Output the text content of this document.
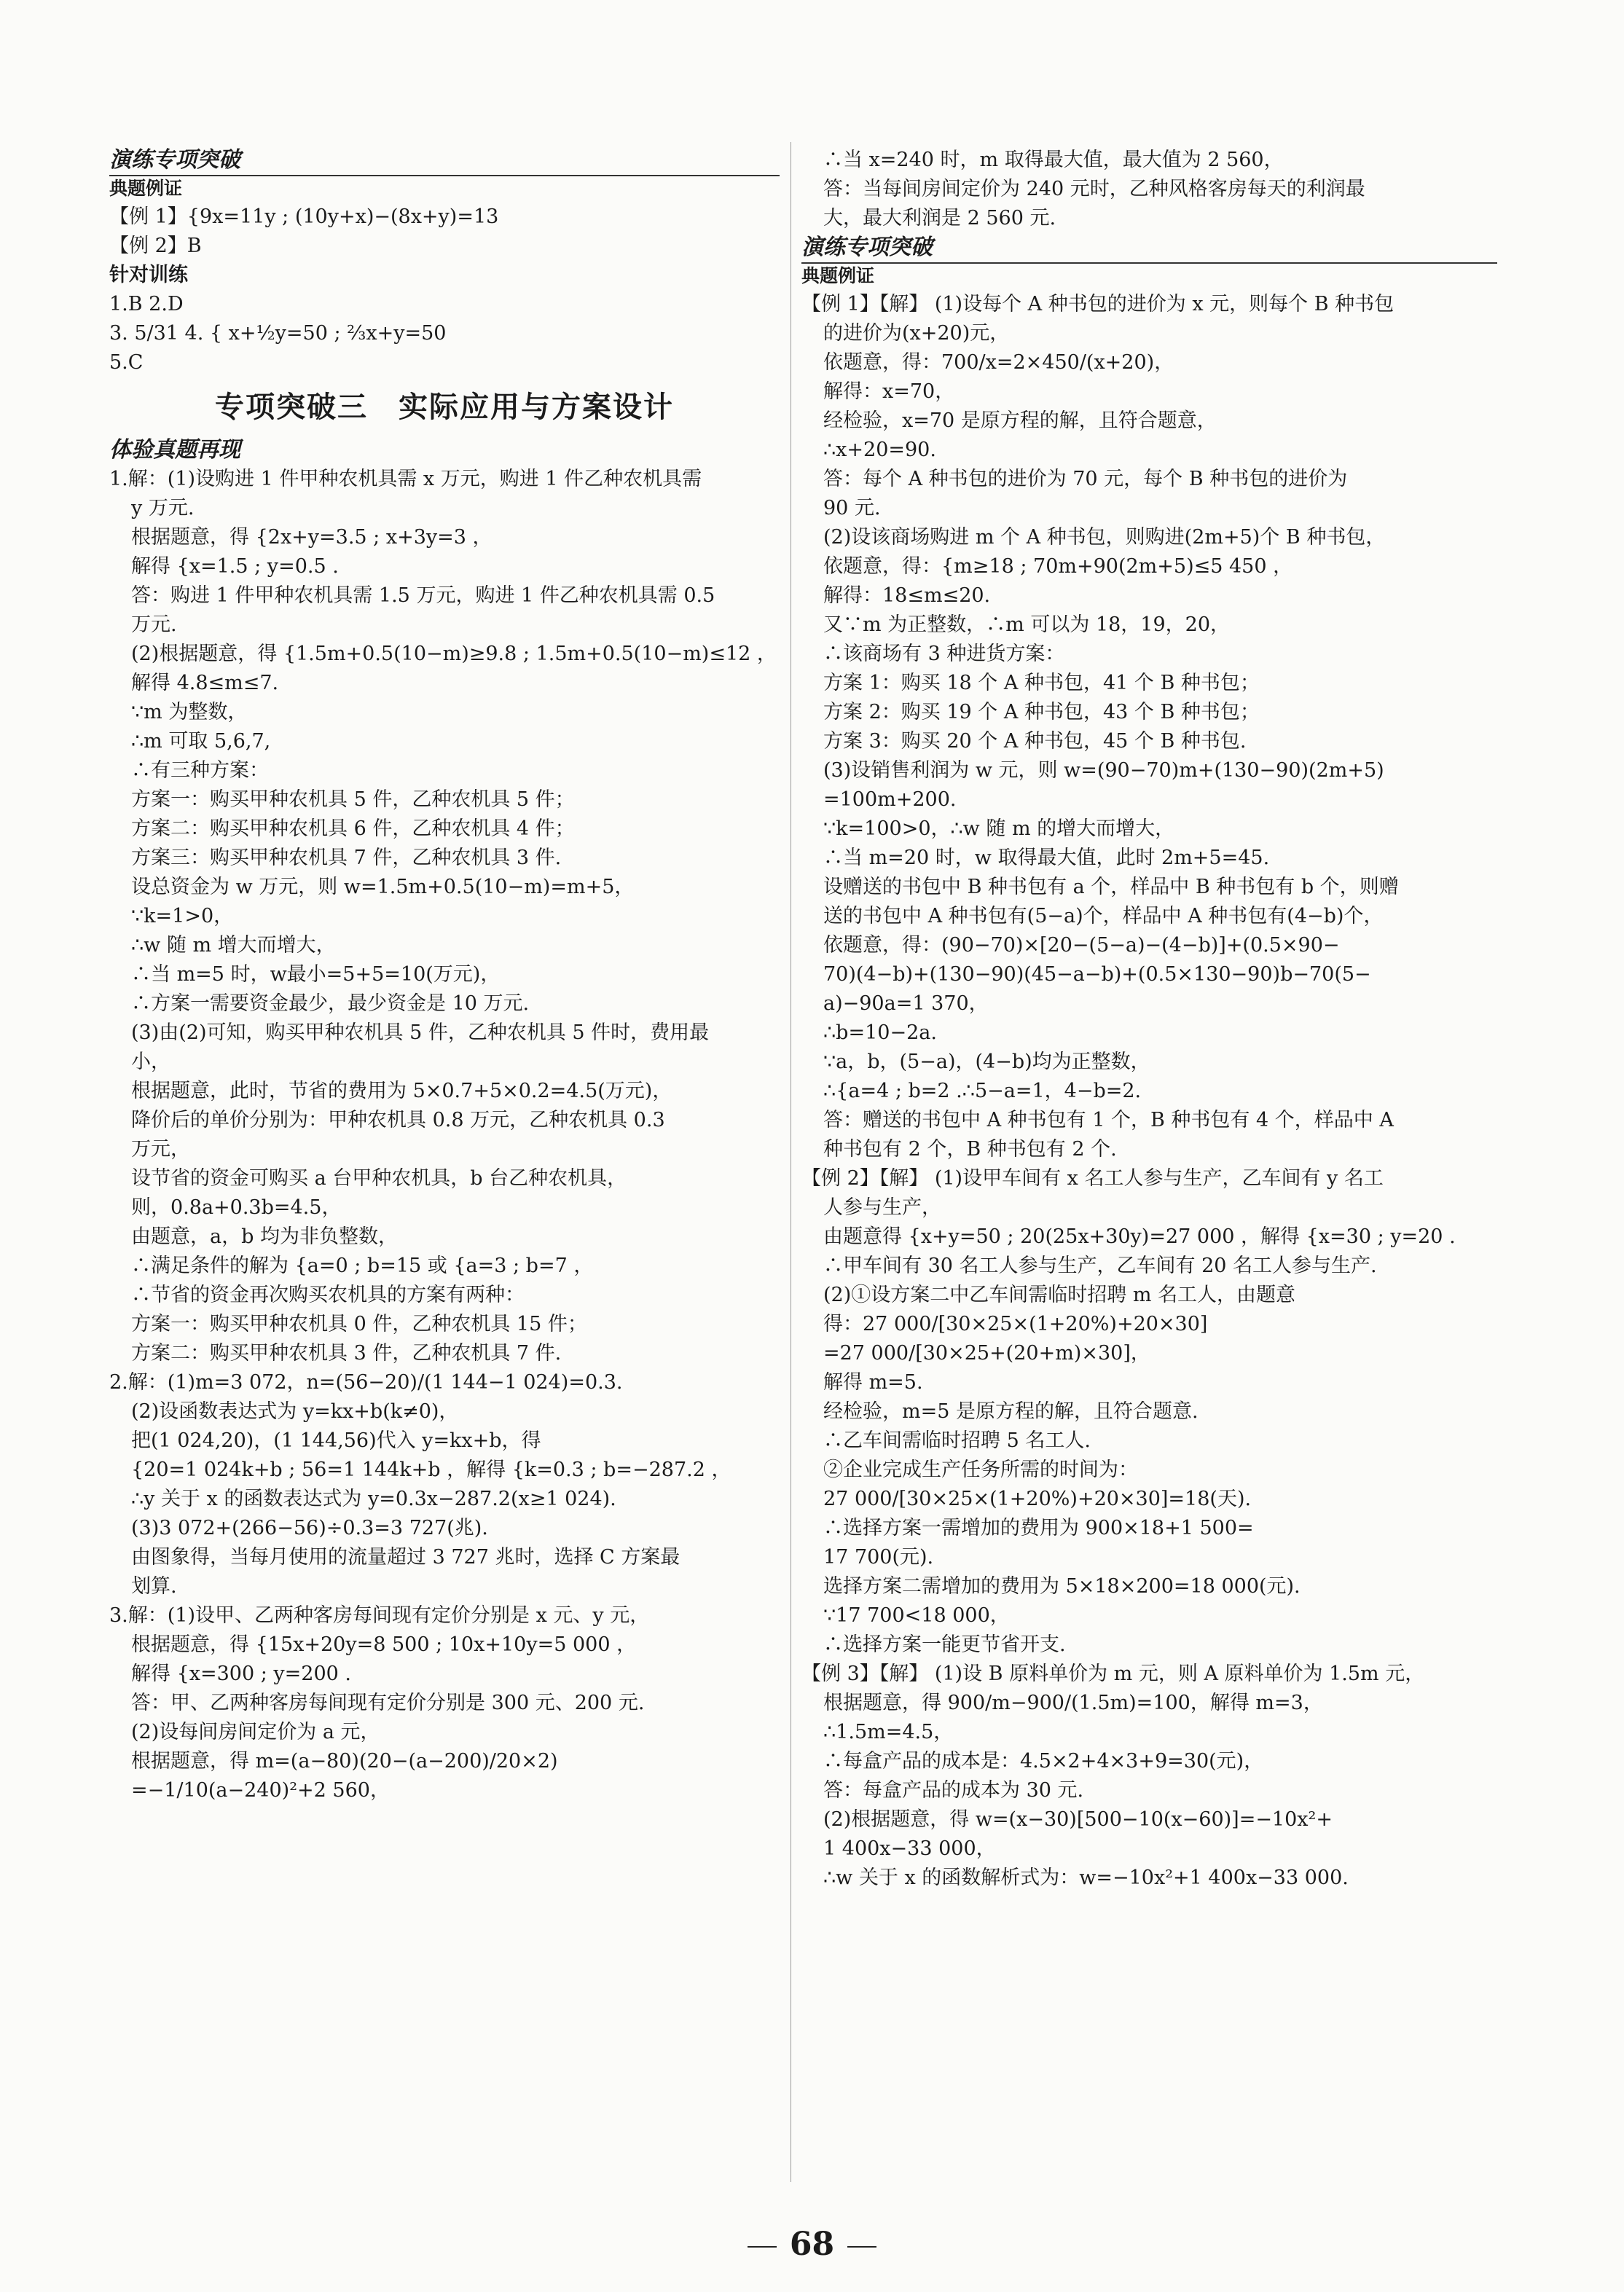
演练专项突破
典题例证
【例 1】{9x=11y ; (10y+x)−(8x+y)=13
【例 2】B
针对训练
1.B 2.D
3. 5/31 4. { x+½y=50 ; ⅔x+y=50
5.C
专项突破三　实际应用与方案设计
体验真题再现
1.解：(1)设购进 1 件甲种农机具需 x 万元，购进 1 件乙种农机具需
y 万元.
根据题意，得 {2x+y=3.5 ; x+3y=3 ，
解得 {x=1.5 ; y=0.5 .
答：购进 1 件甲种农机具需 1.5 万元，购进 1 件乙种农机具需 0.5
万元.
(2)根据题意，得 {1.5m+0.5(10−m)≥9.8 ; 1.5m+0.5(10−m)≤12 ，
解得 4.8≤m≤7.
∵m 为整数，
∴m 可取 5,6,7,
∴有三种方案：
方案一：购买甲种农机具 5 件，乙种农机具 5 件；
方案二：购买甲种农机具 6 件，乙种农机具 4 件；
方案三：购买甲种农机具 7 件，乙种农机具 3 件.
设总资金为 w 万元，则 w=1.5m+0.5(10−m)=m+5，
∵k=1>0，
∴w 随 m 增大而增大，
∴当 m=5 时，w最小=5+5=10(万元)，
∴方案一需要资金最少，最少资金是 10 万元.
(3)由(2)可知，购买甲种农机具 5 件，乙种农机具 5 件时，费用最
小，
根据题意，此时，节省的费用为 5×0.7+5×0.2=4.5(万元)，
降价后的单价分别为：甲种农机具 0.8 万元，乙种农机具 0.3
万元，
设节省的资金可购买 a 台甲种农机具，b 台乙种农机具，
则，0.8a+0.3b=4.5，
由题意，a，b 均为非负整数，
∴满足条件的解为 {a=0 ; b=15 或 {a=3 ; b=7 ，
∴节省的资金再次购买农机具的方案有两种：
方案一：购买甲种农机具 0 件，乙种农机具 15 件；
方案二：购买甲种农机具 3 件，乙种农机具 7 件.
2.解：(1)m=3 072，n=(56−20)/(1 144−1 024)=0.3.
(2)设函数表达式为 y=kx+b(k≠0)，
把(1 024,20)，(1 144,56)代入 y=kx+b，得
{20=1 024k+b ; 56=1 144k+b ，解得 {k=0.3 ; b=−287.2 ，
∴y 关于 x 的函数表达式为 y=0.3x−287.2(x≥1 024).
(3)3 072+(266−56)÷0.3=3 727(兆).
由图象得，当每月使用的流量超过 3 727 兆时，选择 C 方案最
划算.
3.解：(1)设甲、乙两种客房每间现有定价分别是 x 元、y 元，
根据题意，得 {15x+20y=8 500 ; 10x+10y=5 000 ，
解得 {x=300 ; y=200 .
答：甲、乙两种客房每间现有定价分别是 300 元、200 元.
(2)设每间房间定价为 a 元，
根据题意，得 m=(a−80)(20−(a−200)/20×2)
=−1/10(a−240)²+2 560，
∴当 x=240 时，m 取得最大值，最大值为 2 560，
答：当每间房间定价为 240 元时，乙种风格客房每天的利润最
大，最大利润是 2 560 元.
演练专项突破
典题例证
【例 1】【解】 (1)设每个 A 种书包的进价为 x 元，则每个 B 种书包
的进价为(x+20)元，
依题意，得：700/x=2×450/(x+20)，
解得：x=70，
经检验，x=70 是原方程的解，且符合题意，
∴x+20=90.
答：每个 A 种书包的进价为 70 元，每个 B 种书包的进价为
90 元.
(2)设该商场购进 m 个 A 种书包，则购进(2m+5)个 B 种书包，
依题意，得：{m≥18 ; 70m+90(2m+5)≤5 450 ，
解得：18≤m≤20.
又∵m 为正整数，∴m 可以为 18，19，20，
∴该商场有 3 种进货方案：
方案 1：购买 18 个 A 种书包，41 个 B 种书包；
方案 2：购买 19 个 A 种书包，43 个 B 种书包；
方案 3：购买 20 个 A 种书包，45 个 B 种书包.
(3)设销售利润为 w 元，则 w=(90−70)m+(130−90)(2m+5)
=100m+200.
∵k=100>0，∴w 随 m 的增大而增大，
∴当 m=20 时，w 取得最大值，此时 2m+5=45.
设赠送的书包中 B 种书包有 a 个，样品中 B 种书包有 b 个，则赠
送的书包中 A 种书包有(5−a)个，样品中 A 种书包有(4−b)个，
依题意，得：(90−70)×[20−(5−a)−(4−b)]+(0.5×90−
70)(4−b)+(130−90)(45−a−b)+(0.5×130−90)b−70(5−
a)−90a=1 370，
∴b=10−2a.
∵a，b，(5−a)，(4−b)均为正整数，
∴{a=4 ; b=2 .∴5−a=1，4−b=2.
答：赠送的书包中 A 种书包有 1 个，B 种书包有 4 个，样品中 A
种书包有 2 个，B 种书包有 2 个.
【例 2】【解】 (1)设甲车间有 x 名工人参与生产，乙车间有 y 名工
人参与生产，
由题意得 {x+y=50 ; 20(25x+30y)=27 000 ，解得 {x=30 ; y=20 .
∴甲车间有 30 名工人参与生产，乙车间有 20 名工人参与生产.
(2)①设方案二中乙车间需临时招聘 m 名工人，由题意
得：27 000/[30×25×(1+20%)+20×30]
=27 000/[30×25+(20+m)×30]，
解得 m=5.
经检验，m=5 是原方程的解，且符合题意.
∴乙车间需临时招聘 5 名工人.
②企业完成生产任务所需的时间为：
27 000/[30×25×(1+20%)+20×30]=18(天).
∴选择方案一需增加的费用为 900×18+1 500=
17 700(元).
选择方案二需增加的费用为 5×18×200=18 000(元).
∵17 700<18 000，
∴选择方案一能更节省开支.
【例 3】【解】 (1)设 B 原料单价为 m 元，则 A 原料单价为 1.5m 元，
根据题意，得 900/m−900/(1.5m)=100，解得 m=3，
∴1.5m=4.5，
∴每盒产品的成本是：4.5×2+4×3+9=30(元)，
答：每盒产品的成本为 30 元.
(2)根据题意，得 w=(x−30)[500−10(x−60)]=−10x²+
1 400x−33 000，
∴w 关于 x 的函数解析式为：w=−10x²+1 400x−33 000.
68
